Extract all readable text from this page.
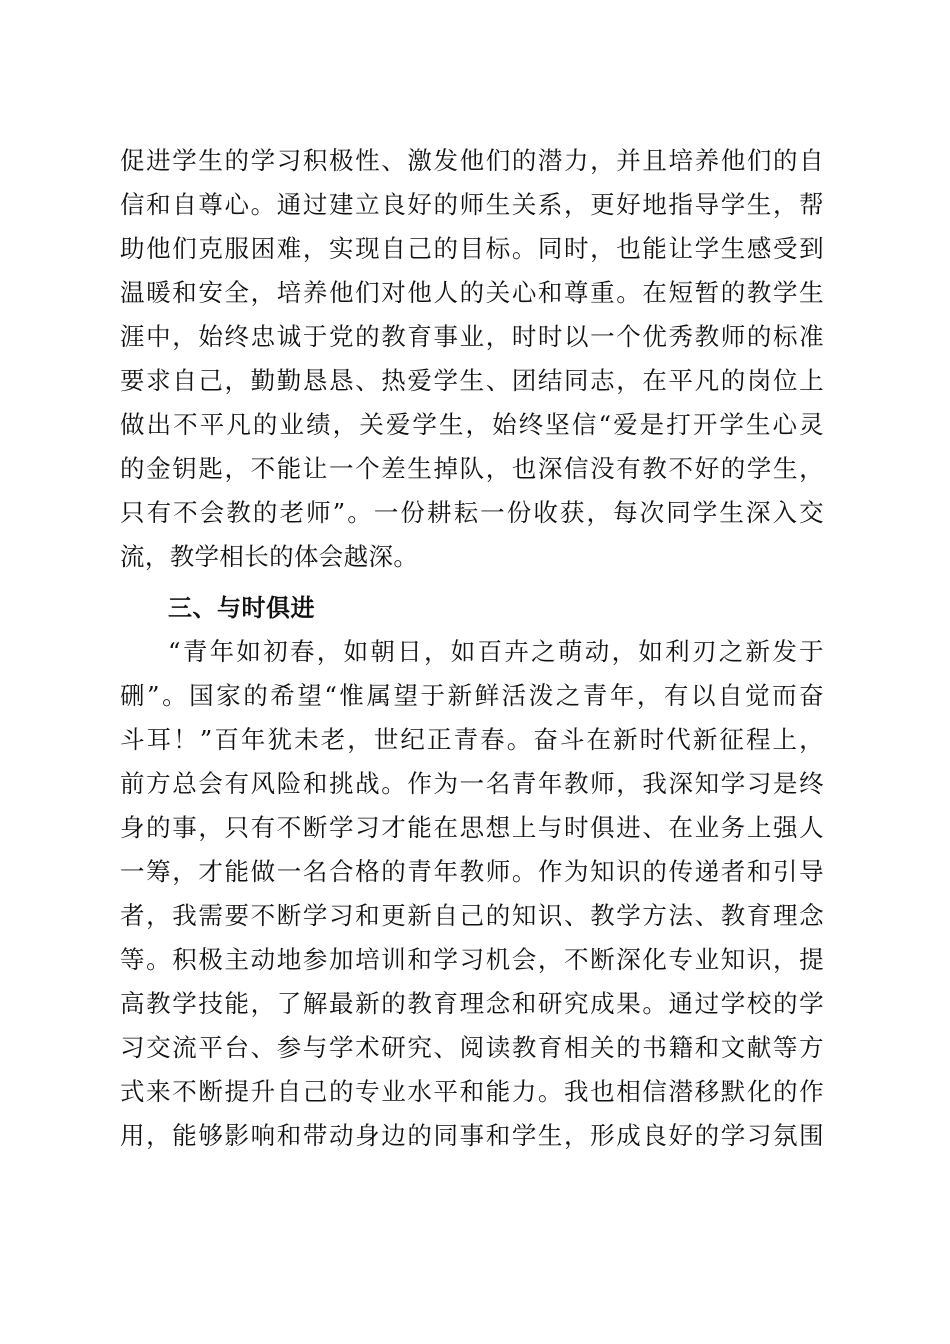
促进学生的学习积极性、激发他们的潜力，并且培养他们的自
信和自尊心。通过建立良好的师生关系，更好地指导学生，帮
助他们克服困难，实现自己的目标。同时，也能让学生感受到
温暖和安全，培养他们对他人的关心和尊重。在短暂的教学生
涯中，始终忠诚于党的教育事业，时时以一个优秀教师的标准
要求自己，勤勤恳恳、热爱学生、团结同志，在平凡的岗位上
做出不平凡的业绩，关爱学生，始终坚信“爱是打开学生心灵
的金钥匙，不能让一个差生掉队，也深信没有教不好的学生，
只有不会教的老师”。一份耕耘一份收获，每次同学生深入交
流，教学相长的体会越深。
三、与时俱进
“青年如初春，如朝日，如百卉之萌动，如利刃之新发于
硎”。国家的希望“惟属望于新鲜活泼之青年，有以自觉而奋
斗耳！”百年犹未老，世纪正青春。奋斗在新时代新征程上，
前方总会有风险和挑战。作为一名青年教师，我深知学习是终
身的事，只有不断学习才能在思想上与时俱进、在业务上强人
一筹，才能做一名合格的青年教师。作为知识的传递者和引导
者，我需要不断学习和更新自己的知识、教学方法、教育理念
等。积极主动地参加培训和学习机会，不断深化专业知识，提
高教学技能，了解最新的教育理念和研究成果。通过学校的学
习交流平台、参与学术研究、阅读教育相关的书籍和文献等方
式来不断提升自己的专业水平和能力。我也相信潜移默化的作
用，能够影响和带动身边的同事和学生，形成良好的学习氛围
